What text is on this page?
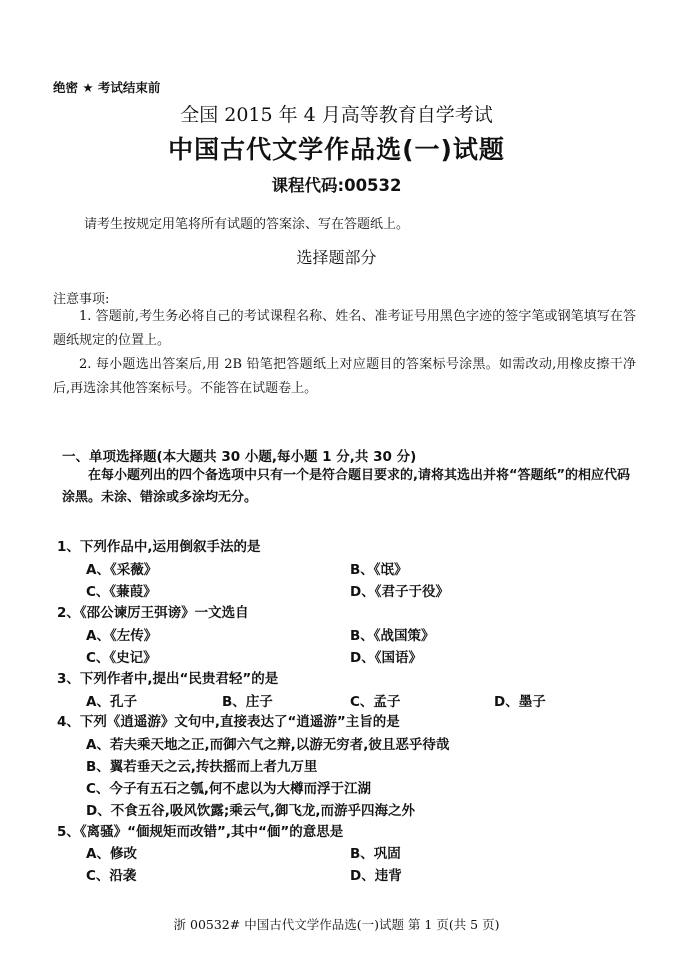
绝密 ★ 考试结束前
全国 2015 年 4 月高等教育自学考试
中国古代文学作品选(一)试题
课程代码:00532
请考生按规定用笔将所有试题的答案涂、写在答题纸上。
选择题部分
注意事项:
1. 答题前,考生务必将自己的考试课程名称、姓名、准考证号用黑色字迹的签字笔或钢笔填写在答题纸规定的位置上。
2. 每小题选出答案后,用 2B 铅笔把答题纸上对应题目的答案标号涂黑。如需改动,用橡皮擦干净后,再选涂其他答案标号。不能答在试题卷上。
一、单项选择题(本大题共 30 小题,每小题 1 分,共 30 分)
在每小题列出的四个备选项中只有一个是符合题目要求的,请将其选出并将“答题纸”的相应代码涂黑。未涂、错涂或多涂均无分。
1、下列作品中,运用倒叙手法的是
A、《采薇》	B、《氓》
C、《蒹葭》	D、《君子于役》
2、《邵公谏厉王弭谤》一文选自
A、《左传》	B、《战国策》
C、《史记》	D、《国语》
3、下列作者中,提出“民贵君轻”的是
A、孔子	B、庄子	C、孟子	D、墨子
4、下列《逍遥游》文句中,直接表达了“逍遥游”主旨的是
A、若夫乘天地之正,而御六气之辩,以游无穷者,彼且恶乎待哉
B、翼若垂天之云,抟扶摇而上者九万里
C、今子有五石之瓠,何不虑以为大樽而浮于江湖
D、不食五谷,吸风饮露;乘云气,御飞龙,而游乎四海之外
5、《离骚》“偭规矩而改错”,其中“偭”的意思是
A、修改	B、巩固
C、沿袭	D、违背
浙 00532# 中国古代文学作品选(一)试题 第 1 页(共 5 页)
